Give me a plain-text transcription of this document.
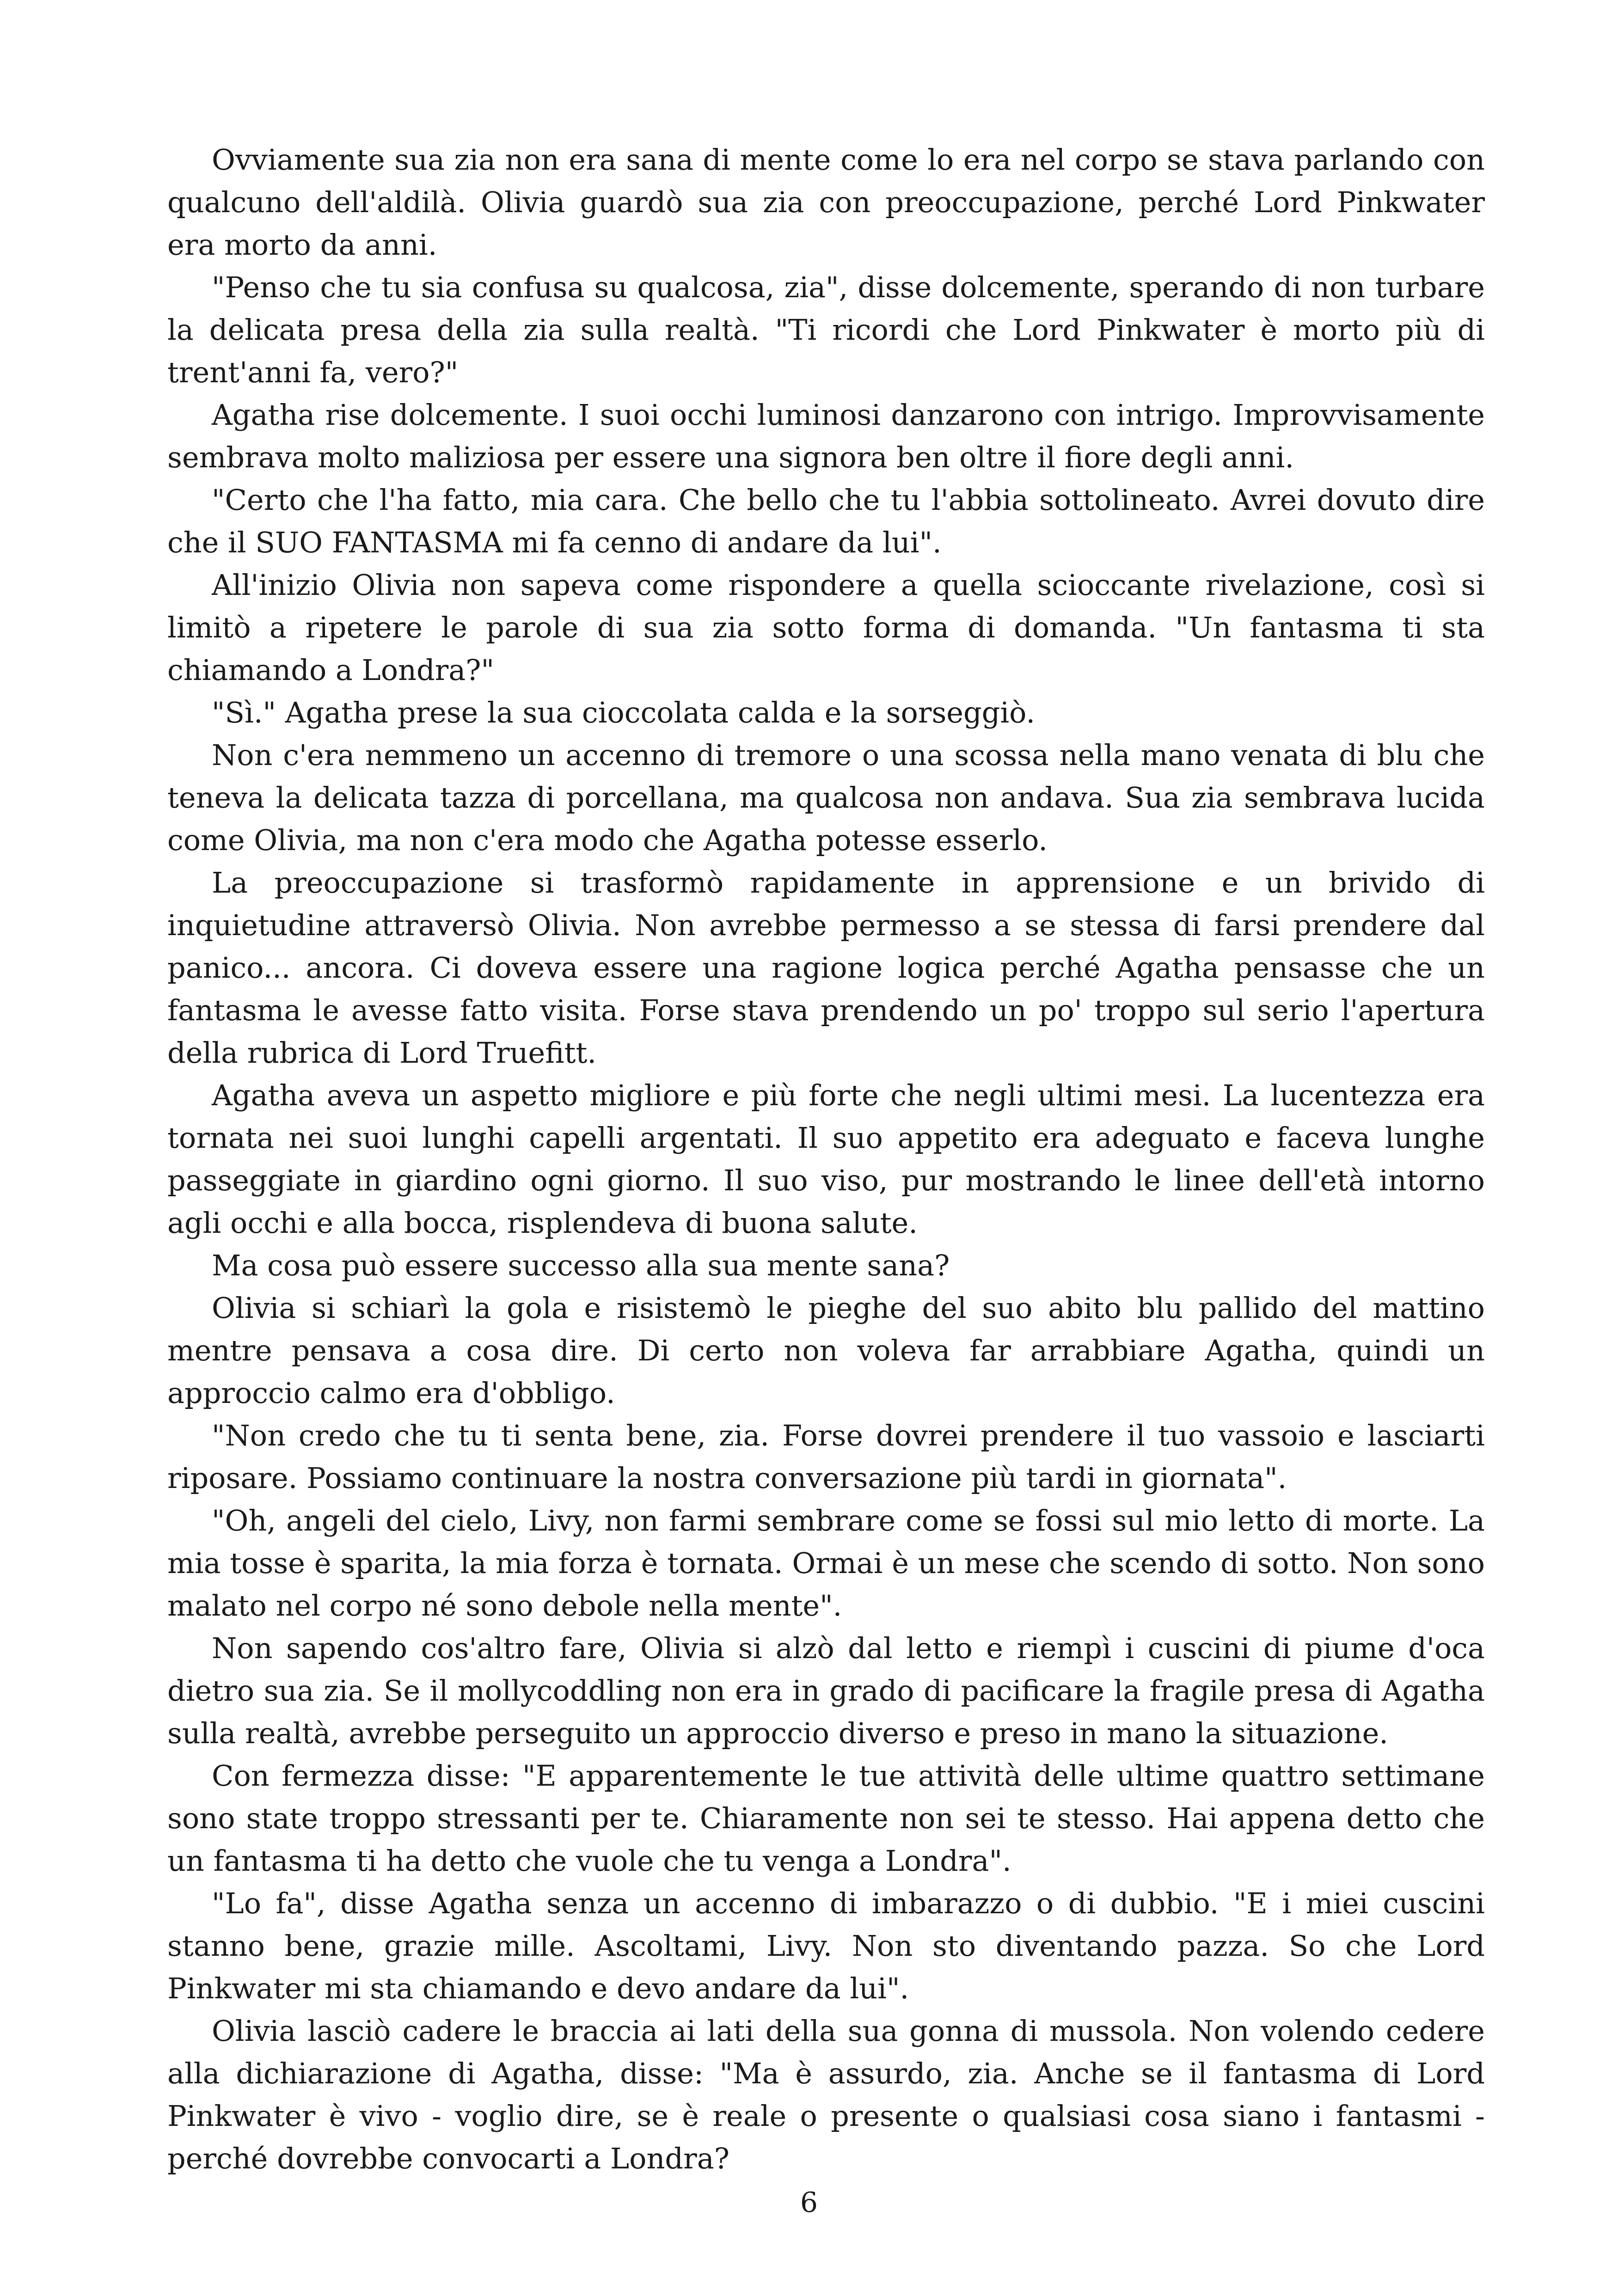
Ovviamente sua zia non era sana di mente come lo era nel corpo se stava parlando con qualcuno dell'aldilà. Olivia guardò sua zia con preoccupazione, perché Lord Pinkwater era morto da anni.

"Penso che tu sia confusa su qualcosa, zia", disse dolcemente, sperando di non turbare la delicata presa della zia sulla realtà. "Ti ricordi che Lord Pinkwater è morto più di trent'anni fa, vero?"

Agatha rise dolcemente. I suoi occhi luminosi danzarono con intrigo. Improvvisamente sembrava molto maliziosa per essere una signora ben oltre il fiore degli anni.

"Certo che l'ha fatto, mia cara. Che bello che tu l'abbia sottolineato. Avrei dovuto dire che il SUO FANTASMA mi fa cenno di andare da lui".

All'inizio Olivia non sapeva come rispondere a quella scioccante rivelazione, così si limitò a ripetere le parole di sua zia sotto forma di domanda. "Un fantasma ti sta chiamando a Londra?"

"Sì." Agatha prese la sua cioccolata calda e la sorseggiò.

Non c'era nemmeno un accenno di tremore o una scossa nella mano venata di blu che teneva la delicata tazza di porcellana, ma qualcosa non andava. Sua zia sembrava lucida come Olivia, ma non c'era modo che Agatha potesse esserlo.

La preoccupazione si trasformò rapidamente in apprensione e un brivido di inquietudine attraversò Olivia. Non avrebbe permesso a se stessa di farsi prendere dal panico... ancora. Ci doveva essere una ragione logica perché Agatha pensasse che un fantasma le avesse fatto visita. Forse stava prendendo un po' troppo sul serio l'apertura della rubrica di Lord Truefitt.

Agatha aveva un aspetto migliore e più forte che negli ultimi mesi. La lucentezza era tornata nei suoi lunghi capelli argentati. Il suo appetito era adeguato e faceva lunghe passeggiate in giardino ogni giorno. Il suo viso, pur mostrando le linee dell'età intorno agli occhi e alla bocca, risplendeva di buona salute.

Ma cosa può essere successo alla sua mente sana?

Olivia si schiarì la gola e risistemò le pieghe del suo abito blu pallido del mattino mentre pensava a cosa dire. Di certo non voleva far arrabbiare Agatha, quindi un approccio calmo era d'obbligo.

"Non credo che tu ti senta bene, zia. Forse dovrei prendere il tuo vassoio e lasciarti riposare. Possiamo continuare la nostra conversazione più tardi in giornata".

"Oh, angeli del cielo, Livy, non farmi sembrare come se fossi sul mio letto di morte. La mia tosse è sparita, la mia forza è tornata. Ormai è un mese che scendo di sotto. Non sono malato nel corpo né sono debole nella mente".

Non sapendo cos'altro fare, Olivia si alzò dal letto e riempì i cuscini di piume d'oca dietro sua zia. Se il mollycoddling non era in grado di pacificare la fragile presa di Agatha sulla realtà, avrebbe perseguito un approccio diverso e preso in mano la situazione.

Con fermezza disse: "E apparentemente le tue attività delle ultime quattro settimane sono state troppo stressanti per te. Chiaramente non sei te stesso. Hai appena detto che un fantasma ti ha detto che vuole che tu venga a Londra".

"Lo fa", disse Agatha senza un accenno di imbarazzo o di dubbio. "E i miei cuscini stanno bene, grazie mille. Ascoltami, Livy. Non sto diventando pazza. So che Lord Pinkwater mi sta chiamando e devo andare da lui".

Olivia lasciò cadere le braccia ai lati della sua gonna di mussola. Non volendo cedere alla dichiarazione di Agatha, disse: "Ma è assurdo, zia. Anche se il fantasma di Lord Pinkwater è vivo - voglio dire, se è reale o presente o qualsiasi cosa siano i fantasmi - perché dovrebbe convocarti a Londra?

6
